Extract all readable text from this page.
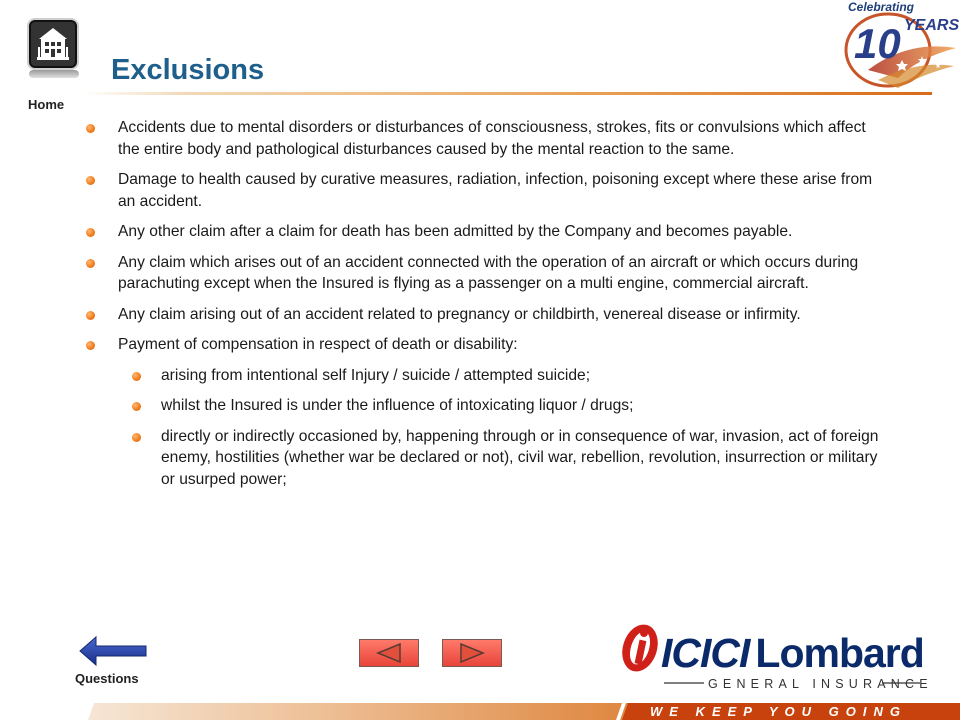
Home
Exclusions
Celebrating
10 YEARS
Accidents due to mental disorders or disturbances of consciousness, strokes, fits or convulsions which affect the entire body and pathological disturbances caused by the mental reaction to the same.
Damage to health caused by curative measures, radiation, infection, poisoning except where these arise from an accident.
Any other claim after a claim for death has been admitted by the Company and becomes payable.
Any claim which arises out of an accident connected with the operation of an aircraft or which occurs during parachuting except when the Insured is flying as a passenger on a multi engine, commercial aircraft.
Any claim arising out of an accident related to pregnancy or childbirth, venereal disease or infirmity.
Payment of compensation in respect of death or disability:
arising from intentional self Injury / suicide / attempted suicide;
whilst the Insured is under the influence of intoxicating liquor / drugs;
directly or indirectly occasioned by, happening through or in consequence of war, invasion, act of foreign enemy, hostilities (whether war be declared or not), civil war, rebellion, revolution, insurrection or military or usurped power;
Questions
ICICI Lombard
GENERAL INSURANCE
WE KEEP YOU GOING
